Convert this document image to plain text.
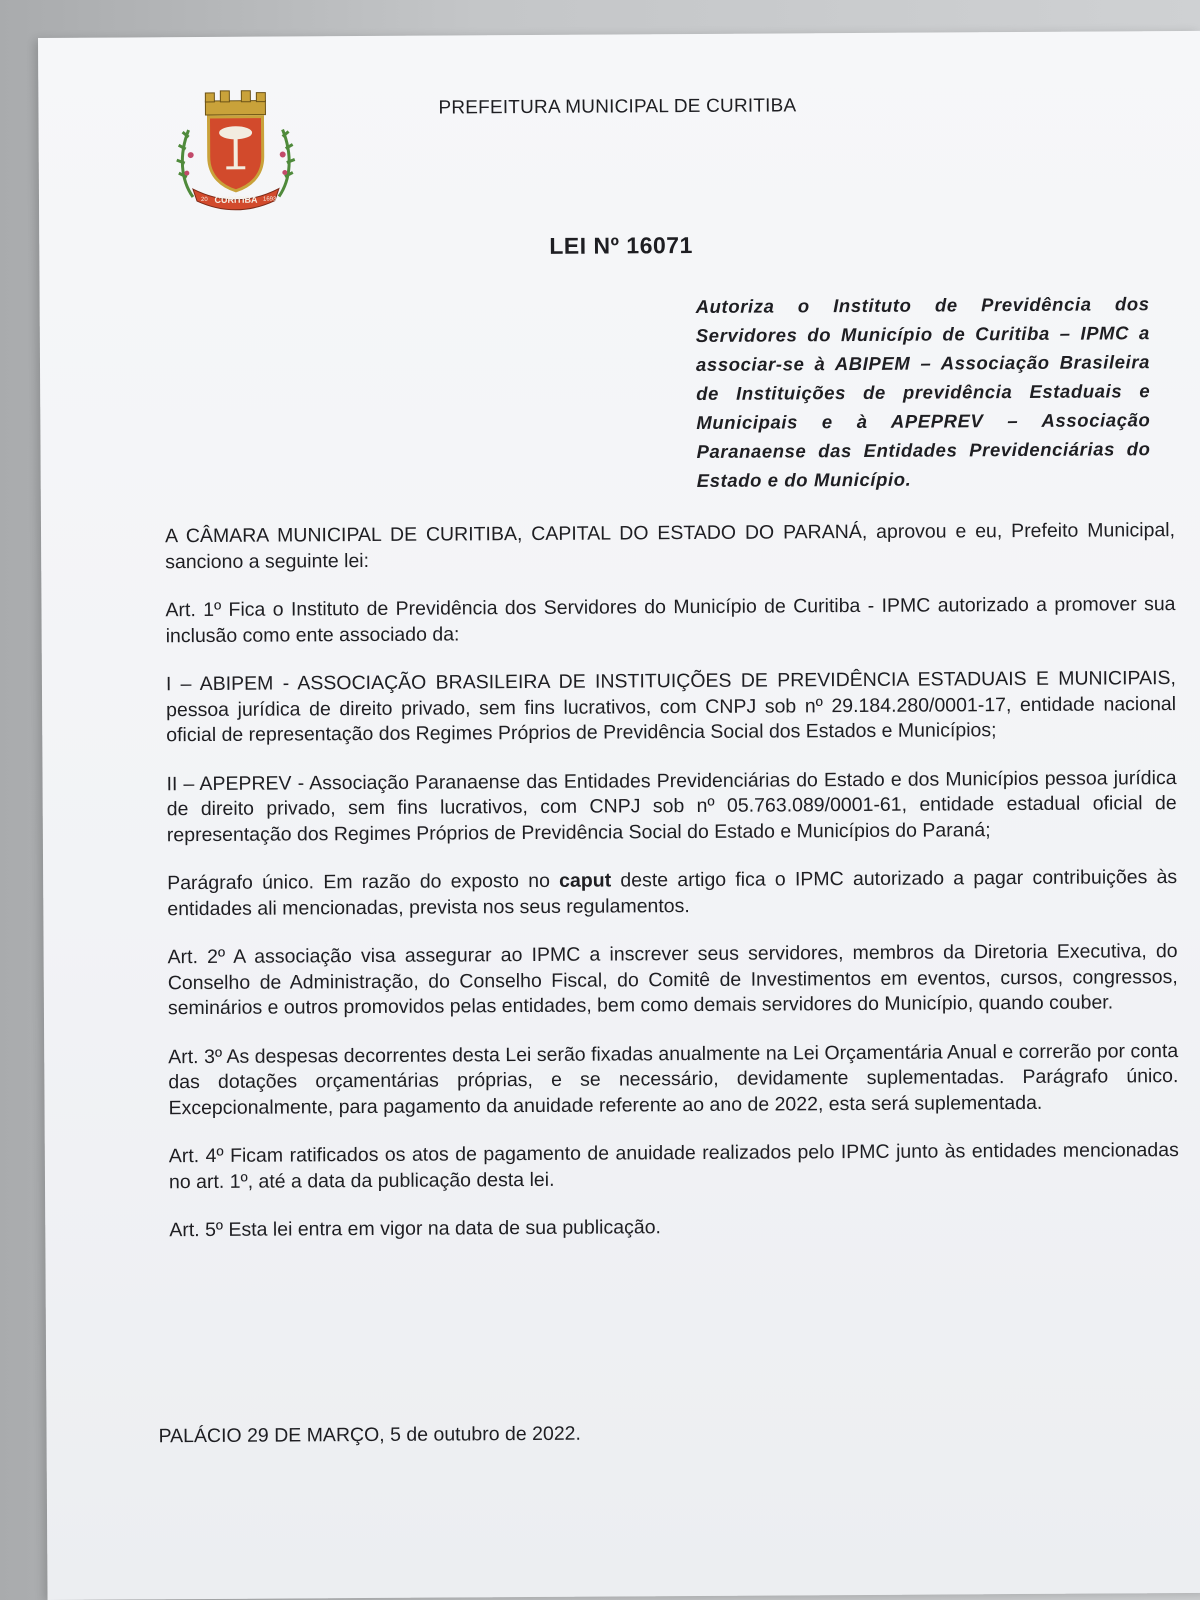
CURITIBA
20	1693
PREFEITURA MUNICIPAL DE CURITIBA
LEI Nº 16071
Autoriza o Instituto de Previdência dos Servidores do Município de Curitiba – IPMC a associar-se à ABIPEM – Associação Brasileira de Instituições de previdência Estaduais e Municipais e à APEPREV – Associação Paranaense das Entidades Previdenciárias do Estado e do Município.

A CÂMARA MUNICIPAL DE CURITIBA, CAPITAL DO ESTADO DO PARANÁ, aprovou e eu, Prefeito Municipal, sanciono a seguinte lei:

Art. 1º Fica o Instituto de Previdência dos Servidores do Município de Curitiba - IPMC autorizado a promover sua inclusão como ente associado da:

I – ABIPEM - ASSOCIAÇÃO BRASILEIRA DE INSTITUIÇÕES DE PREVIDÊNCIA ESTADUAIS E MUNICIPAIS, pessoa jurídica de direito privado, sem fins lucrativos, com CNPJ sob nº 29.184.280/0001-17, entidade nacional oficial de representação dos Regimes Próprios de Previdência Social dos Estados e Municípios;

II – APEPREV - Associação Paranaense das Entidades Previdenciárias do Estado e dos Municípios pessoa jurídica de direito privado, sem fins lucrativos, com CNPJ sob nº 05.763.089/0001-61, entidade estadual oficial de representação dos Regimes Próprios de Previdência Social do Estado e Municípios do Paraná;

Parágrafo único. Em razão do exposto no caput deste artigo fica o IPMC autorizado a pagar contribuições às entidades ali mencionadas, prevista nos seus regulamentos.

Art. 2º A associação visa assegurar ao IPMC a inscrever seus servidores, membros da Diretoria Executiva, do Conselho de Administração, do Conselho Fiscal, do Comitê de Investimentos em eventos, cursos, congressos, seminários e outros promovidos pelas entidades, bem como demais servidores do Município, quando couber.

Art. 3º As despesas decorrentes desta Lei serão fixadas anualmente na Lei Orçamentária Anual e correrão por conta das dotações orçamentárias próprias, e se necessário, devidamente suplementadas. Parágrafo único. Excepcionalmente, para pagamento da anuidade referente ao ano de 2022, esta será suplementada.

Art. 4º Ficam ratificados os atos de pagamento de anuidade realizados pelo IPMC junto às entidades mencionadas no art. 1º, até a data da publicação desta lei.

Art. 5º Esta lei entra em vigor na data de sua publicação.

PALÁCIO 29 DE MARÇO, 5 de outubro de 2022.
